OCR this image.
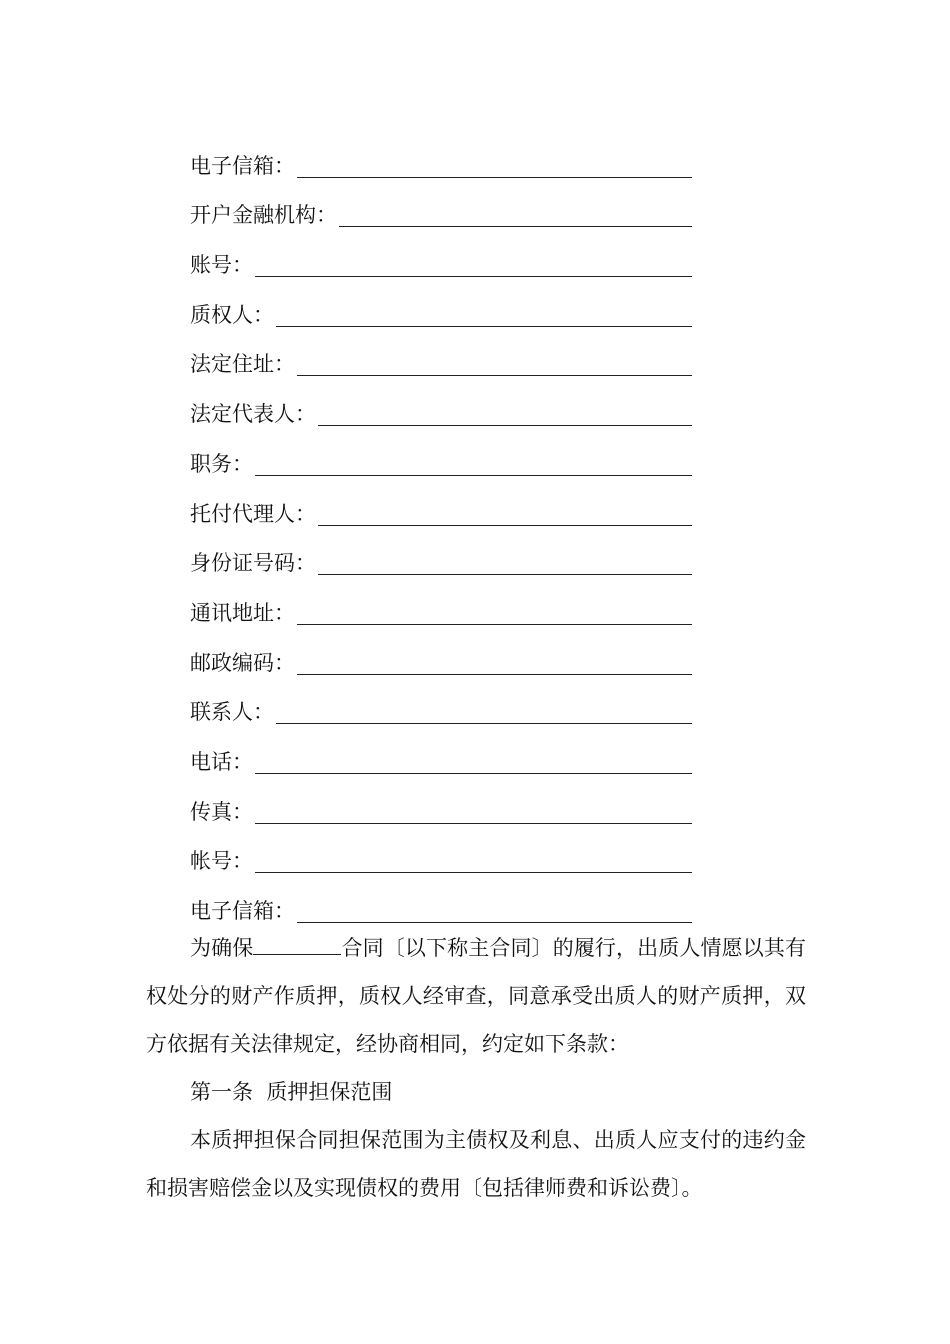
电子信箱：
开户金融机构：
账号：
质权人：
法定住址：
法定代表人：
职务：
托付代理人：
身份证号码：
通讯地址：
邮政编码：
联系人：
电话：
传真：
帐号：
电子信箱：

为确保	合同〔以下称主合同〕的履行，出质人情愿以其有权处分的财产作质押，质权人经审查，同意承受出质人的财产质押，双方依据有关法律规定，经协商相同，约定如下条款：

第一条  质押担保范围

本质押担保合同担保范围为主债权及利息、出质人应支付的违约金和损害赔偿金以及实现债权的费用〔包括律师费和诉讼费〕。
